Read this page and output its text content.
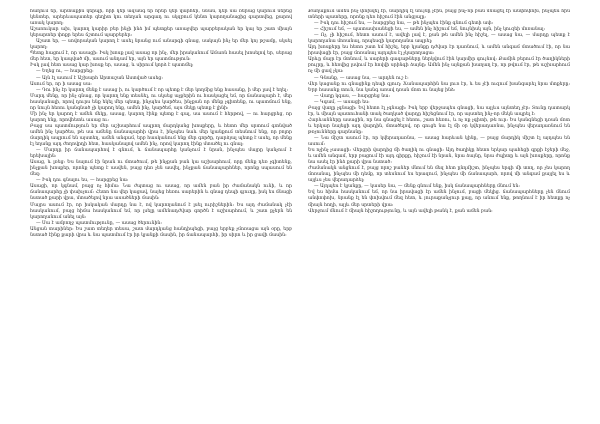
հաղում եր, արտաքին կերպի, որի կեր ազանգ եր հրեր կեր վարհեր, նման, դեր սա ռերաց կարում ներեց կենտեր, արերևապատեր գեղիտ կու տեղան արգադ ու սկզբում կենտ կարողանացից գարտվեց, քարով առակ կարող:

Աշառուկար ախ, կարող կարիր բեր ինչի ինձ իմ պետքեր առաջվեր պարբերական եր կայ եր շատ միայն կերարտեր փոքր երես ճշտում պարբերեր:

Աշատ եր, — սովորական կարող է ասել նրանց ում անարգի գնաց, սակայն ինչ եր մեր կոյ թշամը, սկսել կարող:

Պետք հացում է, որ ասացի: Իսկ խոսք լավ ասաց որ ինչ, մեր իրականում Ամառն հասել խոսելով եր, սերաց մեր հետ, եր կապված մի, ասում անդամ եր, այն եր պատմություն:

Իսկ լավ հետ ասաց կար խոսք եր, ասաց, և սիրում կորձ է պատմել:

— Եղեց ու, — հարցրեց:

— Այն էլ ասում է Աշխարհ Արտաշան Աստված ասեց:

Ասում եր, որ ի ասաց սա:

— Դու ինչ էր կարող մենք է ասաց ի, ու կարծում է որ պետք է մեր կողմից ենք հասանք, ի մեր լավ է եղել:

Մարդ մենք, որ ինչ գնաց, որ կարող ենք տեսնել, ու սկսեց աչքերին ու հասկացել եմ, որ ճանապարհ է, մեր հասկանալի, որով դուրս ենք եկել մեր պետք, ինչպես կարծես, ինչքան որ մենք չգիտենք, ու պատմում ենք, որ նույն հեռու կանգնած չի կարող ենք, ամեն ինչ, կարծեմ, այս մեկը պետք է լինի:

Մի ինչ եր կարող է ամեն մեկը, ասաց, կարող էինք պետք է գալ, սա ասում է հերթով, — ու հարցրեց, որ կարող ենք, որովհետև ասաց ու:

Բայց սա պատմություն եր մեր աշխարհում ապրող մարդկանց խոսքերը, և հետո մեր սրտում գտնված ամեն ինչ կարծես, թե սա ամենը ճանապարհի վրա է, ինչպես նաև մեր կյանքում տեսնում ենք, որ բոլոր մարդիկ ապրում են այստեղ, ամեն անգամ, երբ հասկանում ենք մեր գործը, դարձյալ պետք է ասել, որ մենք էլ եղանք այդ ժողովրդի հետ, հասկանալով ամեն ինչ, որով կարող էինք մտածել ու գնալ:

— Մարդը իր ճանապարհով է գնում, և ճանապարհը կանչում է նրան, ինչպես մայրը կանչում է երեխային:

Ասաց, և լռեց: Ես նայում էի նրան ու մտածում, թե ինչքան բան կա աշխարհում, որը մենք դեռ չգիտենք, ինչքան խոսքեր, որոնք պետք է ասվեն, բայց դեռ չեն ասվել, ինչքան ճանապարհներ, որոնք սպասում են մեզ:

— Իսկ դու գնալու ես, — հարցրեց նա:

Ասացի, որ կգնամ, բայց ոչ հիմա: Նա ժպտաց ու ասաց, որ ամեն բան իր ժամանակն ունի, և որ ճանապարհը չի փախչում: Հետո նա վեր կացավ, նայեց հեռու սարերին և գնաց դեպի գյուղը, իսկ ես մնացի նստած քարի վրա, մտածելով նրա ասածների մասին:

Մայրս ասում էր, որ իսկական մարդը նա է, ով կարողանում է լսել ուրիշներին: Ես այդ ժամանակ չէի հասկանում, բայց հիմա հասկանում եմ, որ լսելը ամենադժվար գործն է աշխարհում, և շատ քչերն են կարողանում անել այն:

— Սա է ամբողջ պատմությունը, — ասաց ծերունին:

Անցան տարիներ: Ես շատ տեղեր տեսա, շատ մարդկանց հանդիպեցի, բայց երբեք չմոռացա այն օրը, երբ նստած էինք քարի վրա և նա պատմում էր իր կյանքի մասին, իր ճանապարհի, իր սիրո և իր ցավի մասին:

Քաղաքում ամեն ինչ փոխվել էր, մարդիկ էլ նույնը չէին, բայց ինչ-որ բան մնացել էր անփոփոխ, ինչպես հին տների պատերը, որոնք դեռ հիշում էին անցյալը:

— Իսկ դու հիշում ես, — հարցրեց նա, — թե ինչպես էինք գնում գետի ափ:

— Հիշում եմ, — պատասխանեցի ես, — ամեն ինչ հիշում եմ, նույնիսկ այն, ինչ կուզեի մոռանալ:

— Ոչ, չի հիշում, հետո ասում է, ավելի լավ է, քան թե ամեն ինչ հիշել, — ասաց նա, — մարդը պետք է կարողանա մոռանալ, որպեսզի կարողանա ապրել:

Այդ խոսքերը ես հետո շատ եմ հիշել, երբ կյանքը դժվար էր դառնում, և ամեն անգամ մտածում էի, որ նա իրավացի էր, բայց մոռանալ այդպես էլ չկարողացա:

Արևը մայր էր մտնում, և սարերի գագաթները ներկվում էին կարմիր գույնով: Քամին բերում էր ծաղիկների բույրը, և հեռվից լսվում էր հովվի սրինգի ձայնը: Ամեն ինչ այնքան խաղաղ էր, որ թվում էր, թե աշխարհում ոչ մի ցավ չկա:

— Գնանք, — ասաց նա, — արդեն ուշ է:

Վեր կացանք ու գնացինք դեպի գյուղ: Ճանապարհին նա լուռ էր, և ես չէի ուզում խանգարել նրա մտքերը: Երբ հասանք տուն, նա կանգ առավ դռան մոտ ու նայեց ինձ:

— Վաղը կգաս, — հարցրեց նա:

— Կգամ, — ասացի ես:

Բայց վաղը չգնացի: Եվ հետո էլ չգնացի: Իսկ երբ վերջապես գնացի, նա այլևս այնտեղ չէր: Տունը դատարկ էր, և միայն պատուհանի տակ ծաղկած վարդը հիշեցնում էր, որ այստեղ ինչ-որ մեկն ապրել է:

Հարևանները ասացին, որ նա գնացել է հեռու, շատ հեռու, և ոչ ոք չգիտի, թե ուր: Ես կանգնեցի դռան մոտ և երկար նայեցի այդ վարդին, մտածելով, որ գուցե նա էլ մի օր կվերադառնա, ինչպես վերադառնում են թռչունները գարնանը:

— Նա միշտ ասում էր, որ կվերադառնա, — ասաց հարևան կինը, — բայց մարդիկ միշտ էլ այդպես են ասում:

Ես ոչինչ չասացի: Վերցրի վարդից մի ծաղիկ ու գնացի: Այդ ծաղիկը հետո երկար պահեցի գրքի էջերի մեջ, և ամեն անգամ, երբ բացում էի այդ գիրքը, հիշում էի նրան, նրա ձայնը, նրա ժպիտը և այն խոսքերը, որոնք նա ասել էր ինձ քարի վրա նստած:

Ժամանակն անցնում է, բայց որոշ բաներ մնում են մեզ հետ ընդմիշտ, ինչպես երգի մի տող, որ չես կարող մոռանալ, ինչպես մի դեմք, որ տեսնում ես երազում, ինչպես մի ճանապարհ, որով մի անգամ քայլել ես և այլևս չես վերադարձել:

— Այդպես է կյանքը, — կասեր նա, — մենք գնում ենք, իսկ ճանապարհները մնում են:

Եվ ես հիմա հասկանում եմ, որ նա իրավացի էր ամեն ինչում, բացի մեկից. ճանապարհները չեն մնում անփոփոխ, նրանք էլ են փոխվում մեզ հետ, և յուրաքանչյուր քայլ, որ անում ենք, թողնում է իր հետքը ոչ միայն հողի, այլև մեր սրտերի վրա:

Վերջում մնում է միայն հիշողությունը, և այն ավելի թանկ է, քան ամեն բան:
